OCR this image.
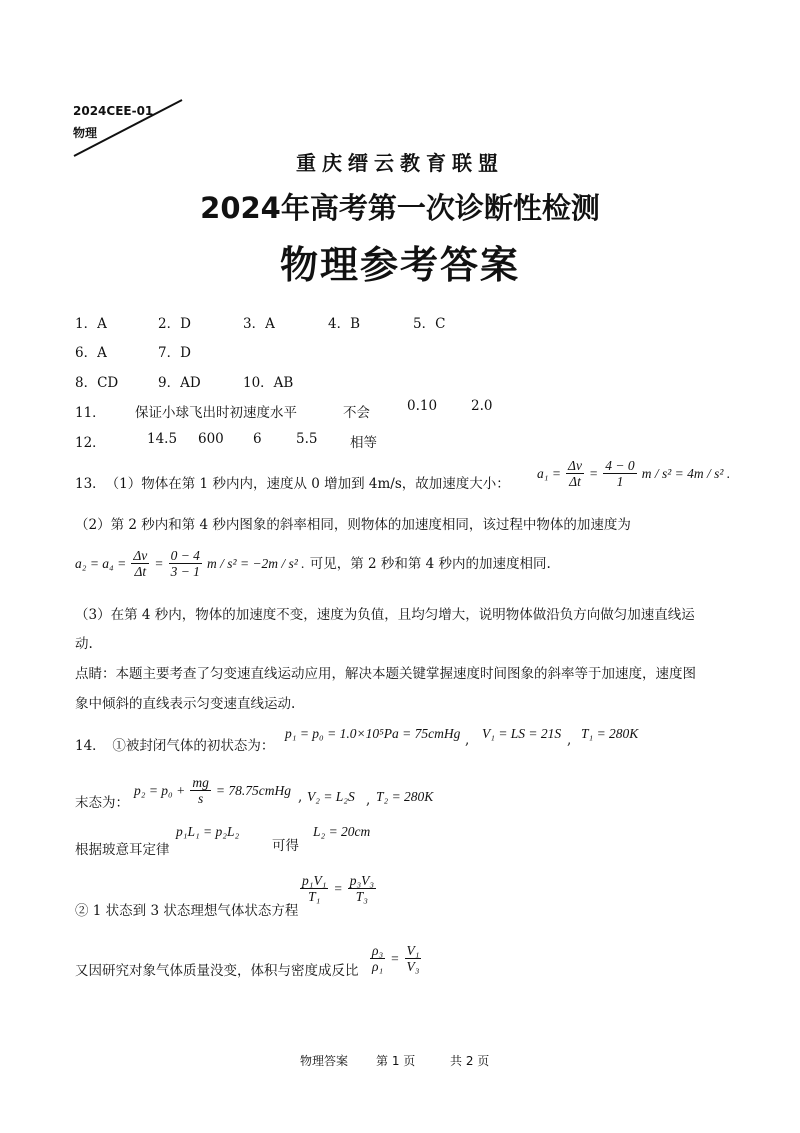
2024CEE-01
物理
重庆缙云教育联盟
2024年高考第一次诊断性检测
物理参考答案
1．A	2．D	3．A	4．B	5．C
6．A	7．D
8．CD	9．AD	10．AB
11． 保证小球飞出时初速度水平	不会	0.10	2.0
12．	14.5 600 6	5.5 相等
13．　（1）物体在第 1 秒内内，速度从 0 增加到 4m/s，故加速度大小：
$a_1 = \frac{\Delta v}{\Delta t} = \frac{4 - 0}{1}$ m / s² = 4m / s² .
（2）第 2 秒内和第 4 秒内图象的斜率相同，则物体的加速度相同，该过程中物体的加速度为
$a_2 = a_4 = \frac{\Delta v}{\Delta t} = \frac{0 - 4}{3 - 1}$ m / s² = −2m / s² . 可见，第 2 秒和第 4 秒内的加速度相同.
（3）在第 4 秒内，物体的加速度不变，速度为负值，且均匀增大，说明物体做沿负方向做匀加速直线运
动.
点睛：本题主要考查了匀变速直线运动应用，解决本题关键掌握速度时间图象的斜率等于加速度，速度图
象中倾斜的直线表示匀变速直线运动.
14．　①被封闭气体的初状态为：
p₁ = p₀ = 1.0×10⁵Pa = 75cmHg , V₁ = LS = 21S , T₁ = 280K
末态为：
$p_2 = p_0 + \frac{mg}{s}$ = 78.75cmHg , V₂ = L₂S , T₂ = 280K
根据玻意耳定律
p₁L₁ = p₂L₂
可得
L₂ = 20cm
② 1 状态到 3 状态理想气体状态方程
$\frac{\text{p₁V₁}}{\text{T₁}} = \frac{\text{p₃V₃}}{\text{T₃}}$
又因研究对象气体质量没变，体积与密度成反比 $\frac{\text{ρ₃}}{\text{ρ₁}} = \frac{\text{V₁}}{\text{V₃}}$
物理答案 第 1 页	共 2 页
